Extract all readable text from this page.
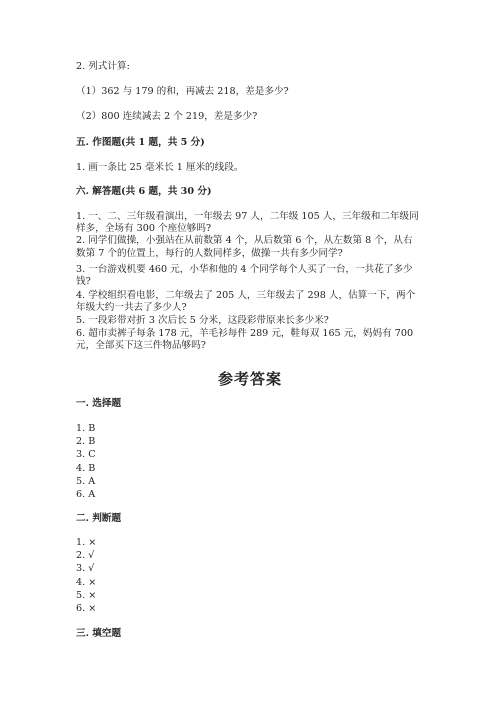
2. 列式计算:
（1）362 与 179 的和，再减去 218，差是多少?
（2）800 连续减去 2 个 219，差是多少?
五. 作图题(共 1 题，共 5 分)
1. 画一条比 25 毫米长 1 厘米的线段。
六. 解答题(共 6 题，共 30 分)
1. 一、二、三年级看演出，一年级去 97 人，二年级 105 人，三年级和二年级同
样多，全场有 300 个座位够吗?
2. 同学们做操，小强站在从前数第 4 个，从后数第 6 个，从左数第 8 个，从右
数第 7 个的位置上，每行的人数同样多，做操一共有多少同学?
3. 一台游戏机要 460 元，小华和他的 4 个同学每个人买了一台，一共花了多少
钱?
4. 学校组织看电影，二年级去了 205 人，三年级去了 298 人，估算一下，两个
年级大约一共去了多少人?
5. 一段彩带对折 3 次后长 5 分米，这段彩带原来长多少米?
6. 超市卖裤子每条 178 元，羊毛衫每件 289 元，鞋每双 165 元，妈妈有 700
元，全部买下这三件物品够吗?
参考答案
一. 选择题
1. B
2. B
3. C
4. B
5. A
6. A
二. 判断题
1. ×
2. √
3. √
4. ×
5. ×
6. ×
三. 填空题
